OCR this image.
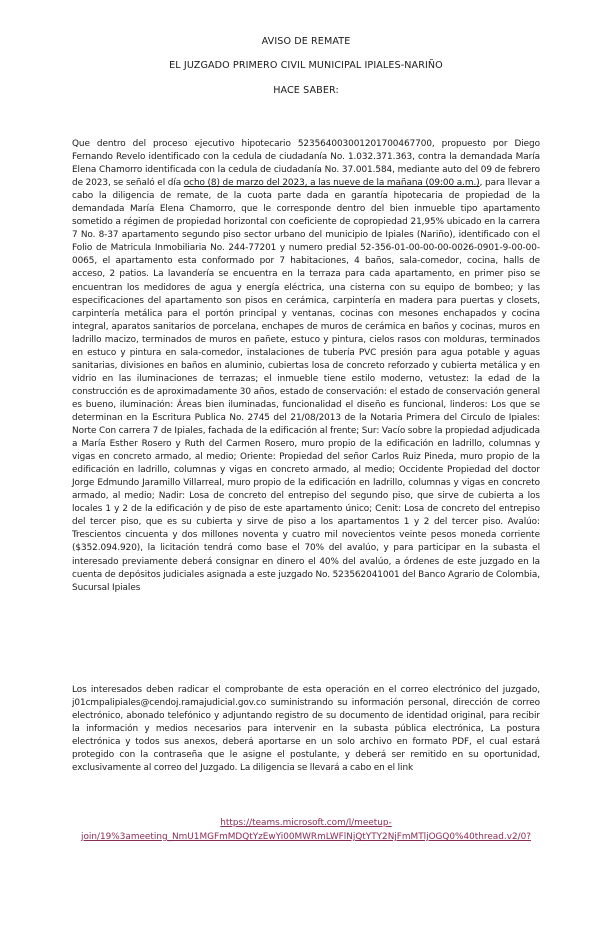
AVISO DE REMATE
EL JUZGADO PRIMERO CIVIL MUNICIPAL IPIALES-NARIÑO
HACE SABER:
Que dentro del proceso ejecutivo hipotecario 523564003001201700467700, propuesto por Diego Fernando Revelo identificado con la cedula de ciudadanía No. 1.032.371.363, contra la demandada María Elena Chamorro identificada con la cedula de ciudadanía No. 37.001.584, mediante auto del 09 de febrero de 2023, se señaló el día ocho (8) de marzo del 2023, a las nueve de la mañana (09:00 a.m.), para llevar a cabo la diligencia de remate, de la cuota parte dada en garantía hipotecaria de propiedad de la demandada María Elena Chamorro, que le corresponde dentro del bien inmueble tipo apartamento sometido a régimen de propiedad horizontal con coeficiente de copropiedad 21,95% ubicado en la carrera 7 No. 8-37 apartamento segundo piso sector urbano del municipio de Ipiales (Nariño), identificado con el Folio de Matricula Inmobiliaria No. 244-77201 y numero predial 52-356-01-00-00-00-0026-0901-9-00-00-0065, el apartamento esta conformado por 7 habitaciones, 4 baños, sala-comedor, cocina, halls de acceso, 2 patios. La lavandería se encuentra en la terraza para cada apartamento, en primer piso se encuentran los medidores de agua y energía eléctrica, una cisterna con su equipo de bombeo; y las especificaciones del apartamento son pisos en cerámica, carpintería en madera para puertas y closets, carpintería metálica para el portón principal y ventanas, cocinas con mesones enchapados y cocina integral, aparatos sanitarios de porcelana, enchapes de muros de cerámica en baños y cocinas, muros en ladrillo macizo, terminados de muros en pañete, estuco y pintura, cielos rasos con molduras, terminados en estuco y pintura en sala-comedor, instalaciones de tubería PVC presión para agua potable y aguas sanitarias, divisiones en baños en aluminio, cubiertas losa de concreto reforzado y cubierta metálica y en vidrio en las iluminaciones de terrazas; el inmueble tiene estilo moderno, vetustez: la edad de la construcción es de aproximadamente 30 años, estado de conservación: el estado de conservación general es bueno, iluminación: Áreas bien iluminadas, funcionalidad el diseño es funcional, linderos: Los que se determinan en la Escritura Publica No. 2745 del 21/08/2013 de la Notaria Primera del Circulo de Ipiales: Norte Con carrera 7 de Ipiales, fachada de la edificación al frente; Sur: Vacío sobre la propiedad adjudicada a María Esther Rosero y Ruth del Carmen Rosero, muro propio de la edificación en ladrillo, columnas y vigas en concreto armado, al medio; Oriente: Propiedad del señor Carlos Ruiz Pineda, muro propio de la edificación en ladrillo, columnas y vigas en concreto armado, al medio; Occidente Propiedad del doctor Jorge Edmundo Jaramillo Villarreal, muro propio de la edificación en ladrillo, columnas y vigas en concreto armado, al medio; Nadir: Losa de concreto del entrepiso del segundo piso, que sirve de cubierta a los locales 1 y 2 de la edificación y de piso de este apartamento único; Cenit: Losa de concreto del entrepiso del tercer piso, que es su cubierta y sirve de piso a los apartamentos 1 y 2 del tercer piso. Avalúo: Trescientos cincuenta y dos millones noventa y cuatro mil novecientos veinte pesos moneda corriente ($352.094.920), la licitación tendrá como base el 70% del avalúo, y para participar en la subasta el interesado previamente deberá consignar en dinero el 40% del avalúo, a órdenes de este juzgado en la cuenta de depósitos judiciales asignada a este juzgado No. 523562041001 del Banco Agrario de Colombia, Sucursal Ipiales
Los interesados deben radicar el comprobante de esta operación en el correo electrónico del juzgado, j01cmpalipiales@cendoj.ramajudicial.gov.co suministrando su información personal, dirección de correo electrónico, abonado telefónico y adjuntando registro de su documento de identidad original, para recibir la información y medios necesarios para intervenir en la subasta pública electrónica, La postura electrónica y todos sus anexos, deberá aportarse en un solo archivo en formato PDF, el cual estará protegido con la contraseña que le asigne el postulante, y deberá ser remitido en su oportunidad, exclusivamente al correo del Juzgado. La diligencia se llevará a cabo en el link
https://teams.microsoft.com/l/meetup-
join/19%3ameeting_NmU1MGFmMDQtYzEwYi00MWRmLWFlNjQtYTY2NjFmMTljOGQ0%40thread.v2/0?
